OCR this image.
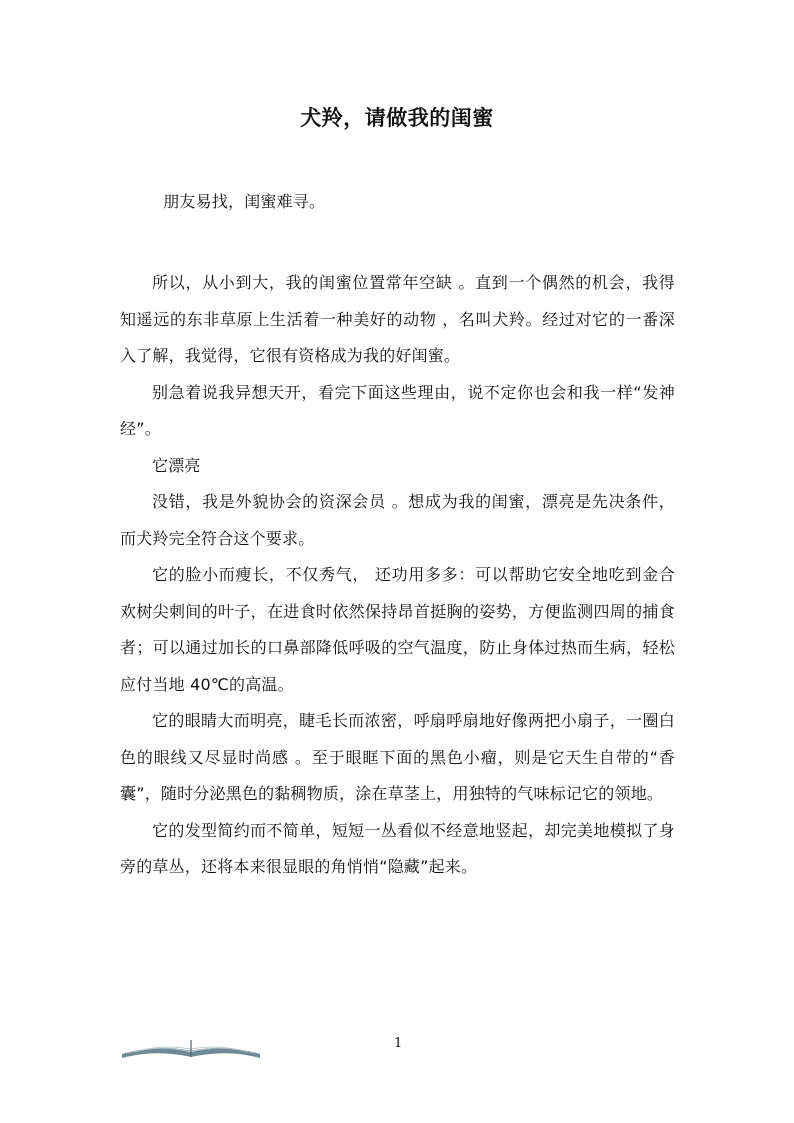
犬羚，请做我的闺蜜

朋友易找，闺蜜难寻。

所以，从小到大，我的闺蜜位置常年空缺 。直到一个偶然的机会，我得知遥远的东非草原上生活着一种美好的动物 ，名叫犬羚。经过对它的一番深入了解，我觉得，它很有资格成为我的好闺蜜。

别急着说我异想天开，看完下面这些理由，说不定你也会和我一样“发神经”。

它漂亮

没错，我是外貌协会的资深会员 。想成为我的闺蜜，漂亮是先决条件，而犬羚完全符合这个要求。

它的脸小而瘦长，不仅秀气， 还功用多多：可以帮助它安全地吃到金合欢树尖刺间的叶子，在进食时依然保持昂首挺胸的姿势，方便监测四周的捕食者；可以通过加长的口鼻部降低呼吸的空气温度，防止身体过热而生病，轻松应付当地 40℃的高温。

它的眼睛大而明亮，睫毛长而浓密，呼扇呼扇地好像两把小扇子，一圈白色的眼线又尽显时尚感 。至于眼眶下面的黑色小瘤，则是它天生自带的“香囊”，随时分泌黑色的黏稠物质，涂在草茎上，用独特的气味标记它的领地。

它的发型简约而不简单，短短一丛看似不经意地竖起，却完美地模拟了身旁的草丛，还将本来很显眼的角悄悄“隐藏”起来。

1
